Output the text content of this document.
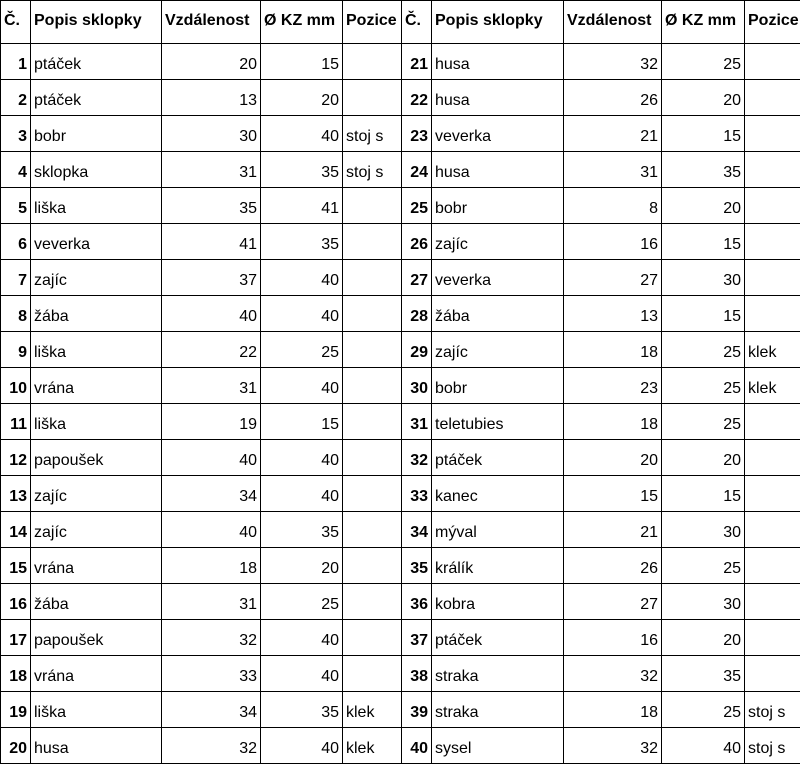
Č.	Popis sklopky	Vzdálenost	Ø KZ mm	Pozice	Č.	Popis sklopky	Vzdálenost	Ø KZ mm	Pozice
1	ptáček	20	15		21	husa	32	25	
2	ptáček	13	20		22	husa	26	20	
3	bobr	30	40	stoj s	23	veverka	21	15	
4	sklopka	31	35	stoj s	24	husa	31	35	
5	liška	35	41		25	bobr	8	20	
6	veverka	41	35		26	zajíc	16	15	
7	zajíc	37	40		27	veverka	27	30	
8	žába	40	40		28	žába	13	15	
9	liška	22	25		29	zajíc	18	25	klek
10	vrána	31	40		30	bobr	23	25	klek
11	liška	19	15		31	teletubies	18	25	
12	papoušek	40	40		32	ptáček	20	20	
13	zajíc	34	40		33	kanec	15	15	
14	zajíc	40	35		34	mýval	21	30	
15	vrána	18	20		35	králík	26	25	
16	žába	31	25		36	kobra	27	30	
17	papoušek	32	40		37	ptáček	16	20	
18	vrána	33	40		38	straka	32	35	
19	liška	34	35	klek	39	straka	18	25	stoj s
20	husa	32	40	klek	40	sysel	32	40	stoj s
